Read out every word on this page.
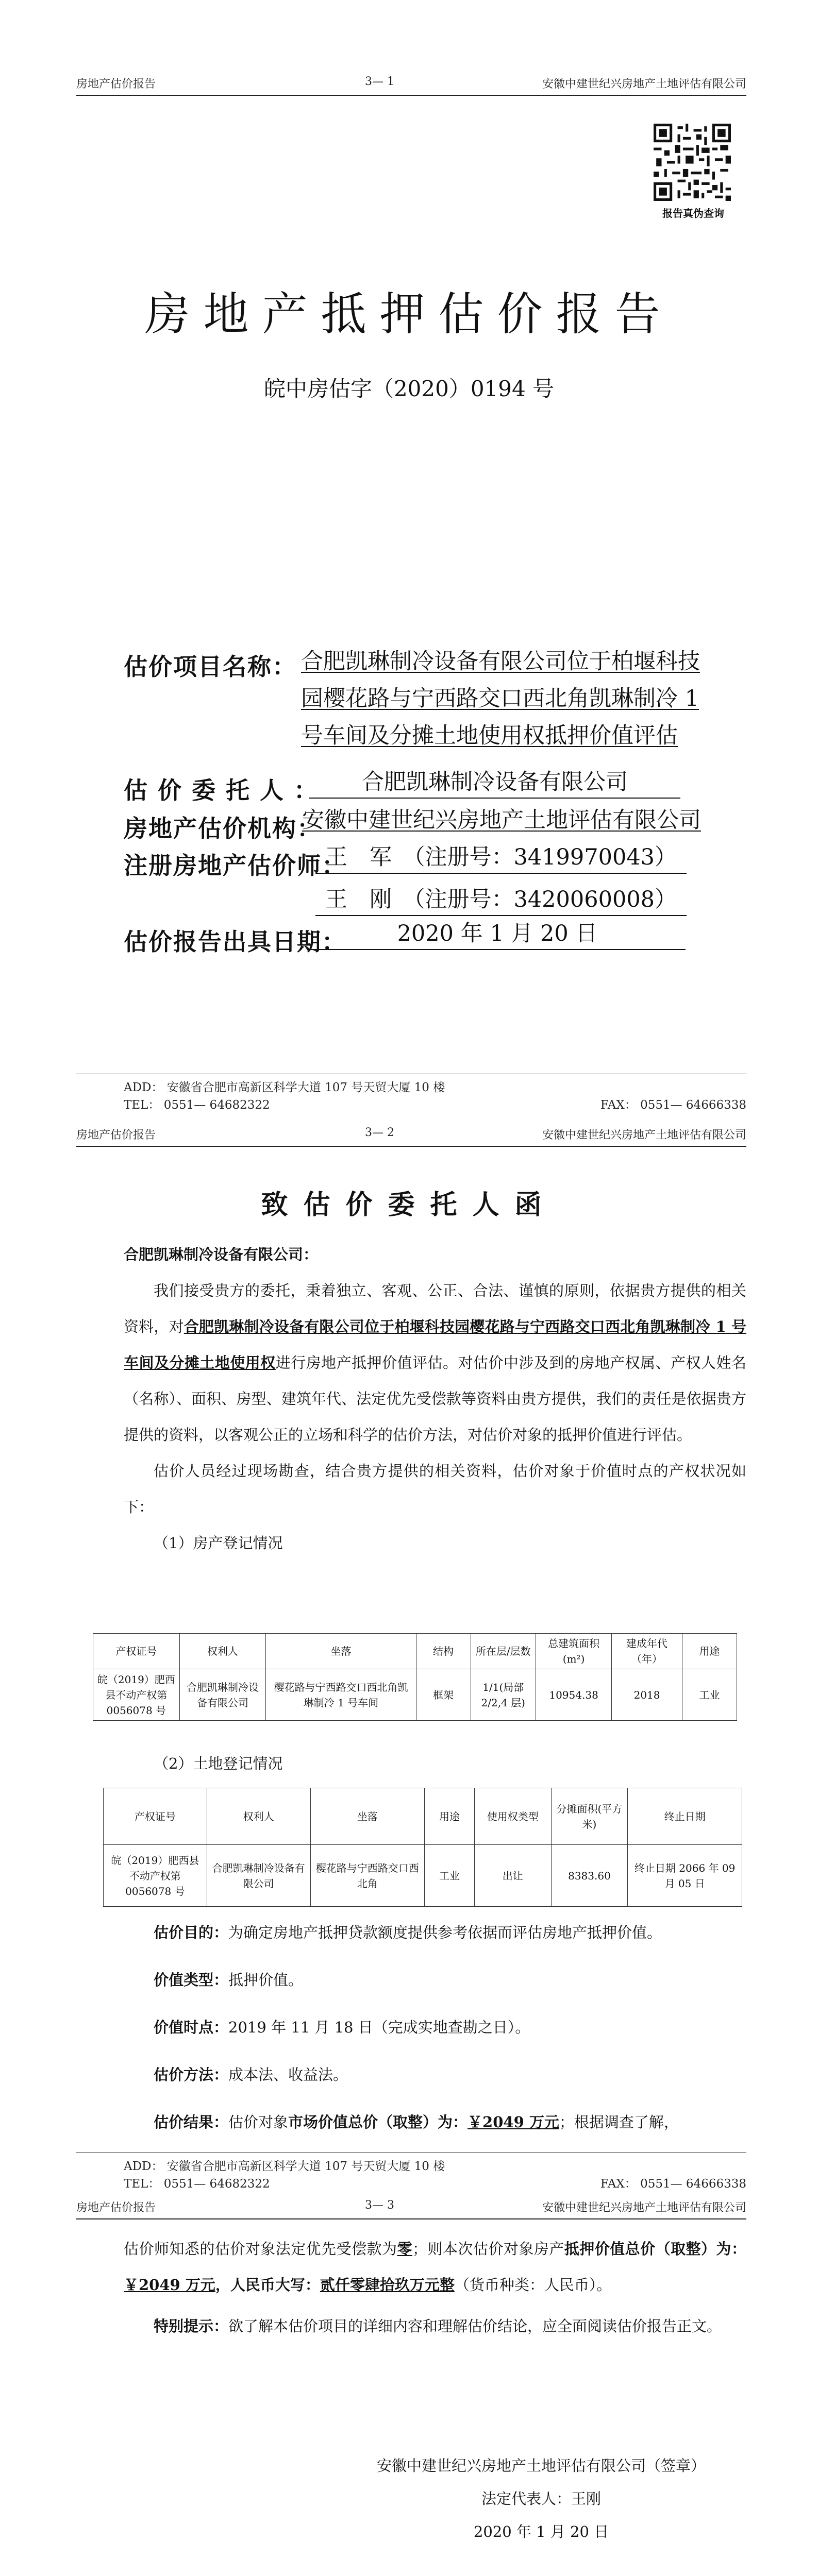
房地产估价报告	3— 1	安徽中建世纪兴房地产土地评估有限公司
报告真伪查询
房地产抵押估价报告
皖中房估字（2020）0194 号
估价项目名称： 合肥凯琳制冷设备有限公司位于柏堰科技
园樱花路与宁西路交口西北角凯琳制冷 1
号车间及分摊土地使用权抵押价值评估
估价委托人：	合肥凯琳制冷设备有限公司
房地产估价机构：
安徽中建世纪兴房地产土地评估有限公司
注册房地产估价师：
王　军　（注册号：3419970043）
王　刚　（注册号：3420060008）
估价报告出具日期：	2020 年 1 月 20 日
ADD： 安徽省合肥市高新区科学大道 107 号天贸大厦 10 楼
TEL： 0551— 64682322	FAX： 0551— 64666338
房地产估价报告	3— 2	安徽中建世纪兴房地产土地评估有限公司
致估价委托人函

合肥凯琳制冷设备有限公司：

我们接受贵方的委托，秉着独立、客观、公正、合法、谨慎的原则，依据贵方提供的相关资料，对合肥凯琳制冷设备有限公司位于柏堰科技园樱花路与宁西路交口西北角凯琳制冷 1 号车间及分摊土地使用权进行房地产抵押价值评估。对估价中涉及到的房地产权属、产权人姓名（名称）、面积、房型、建筑年代、法定优先受偿款等资料由贵方提供，我们的责任是依据贵方提供的资料，以客观公正的立场和科学的估价方法，对估价对象的抵押价值进行评估。

估价人员经过现场勘查，结合贵方提供的相关资料，估价对象于价值时点的产权状况如下：

（1）房产登记情况

产权证号	权利人	坐落	结构	所在层/层数	总建筑面积(m²)	建成年代（年）	用途
皖（2019）肥西县不动产权第 0056078 号	合肥凯琳制冷设备有限公司	樱花路与宁西路交口西北角凯琳制冷 1 号车间	框架	1/1(局部 2/2,4 层)	10954.38	2018	工业

（2）土地登记情况

产权证号	权利人	坐落	用途	使用权类型	分摊面积(平方米)	终止日期
皖（2019）肥西县不动产权第 0056078 号	合肥凯琳制冷设备有限公司	樱花路与宁西路交口西北角	工业	出让	8383.60	终止日期 2066 年 09 月 05 日

估价目的：为确定房地产抵押贷款额度提供参考依据而评估房地产抵押价值。

价值类型：抵押价值。

价值时点：2019 年 11 月 18 日（完成实地查勘之日）。

估价方法：成本法、收益法。

估价结果：估价对象市场价值总价（取整）为：￥2049 万元；根据调查了解，

ADD： 安徽省合肥市高新区科学大道 107 号天贸大厦 10 楼
TEL： 0551— 64682322	FAX： 0551— 64666338
房地产估价报告	3— 3	安徽中建世纪兴房地产土地评估有限公司

估价师知悉的估价对象法定优先受偿款为零；则本次估价对象房产抵押价值总价（取整）为：￥2049 万元，人民币大写：贰仟零肆拾玖万元整（货币种类：人民币）。

特别提示：欲了解本估价项目的详细内容和理解估价结论，应全面阅读估价报告正文。

安徽中建世纪兴房地产土地评估有限公司（签章）
法定代表人：王刚
2020 年 1 月 20 日
